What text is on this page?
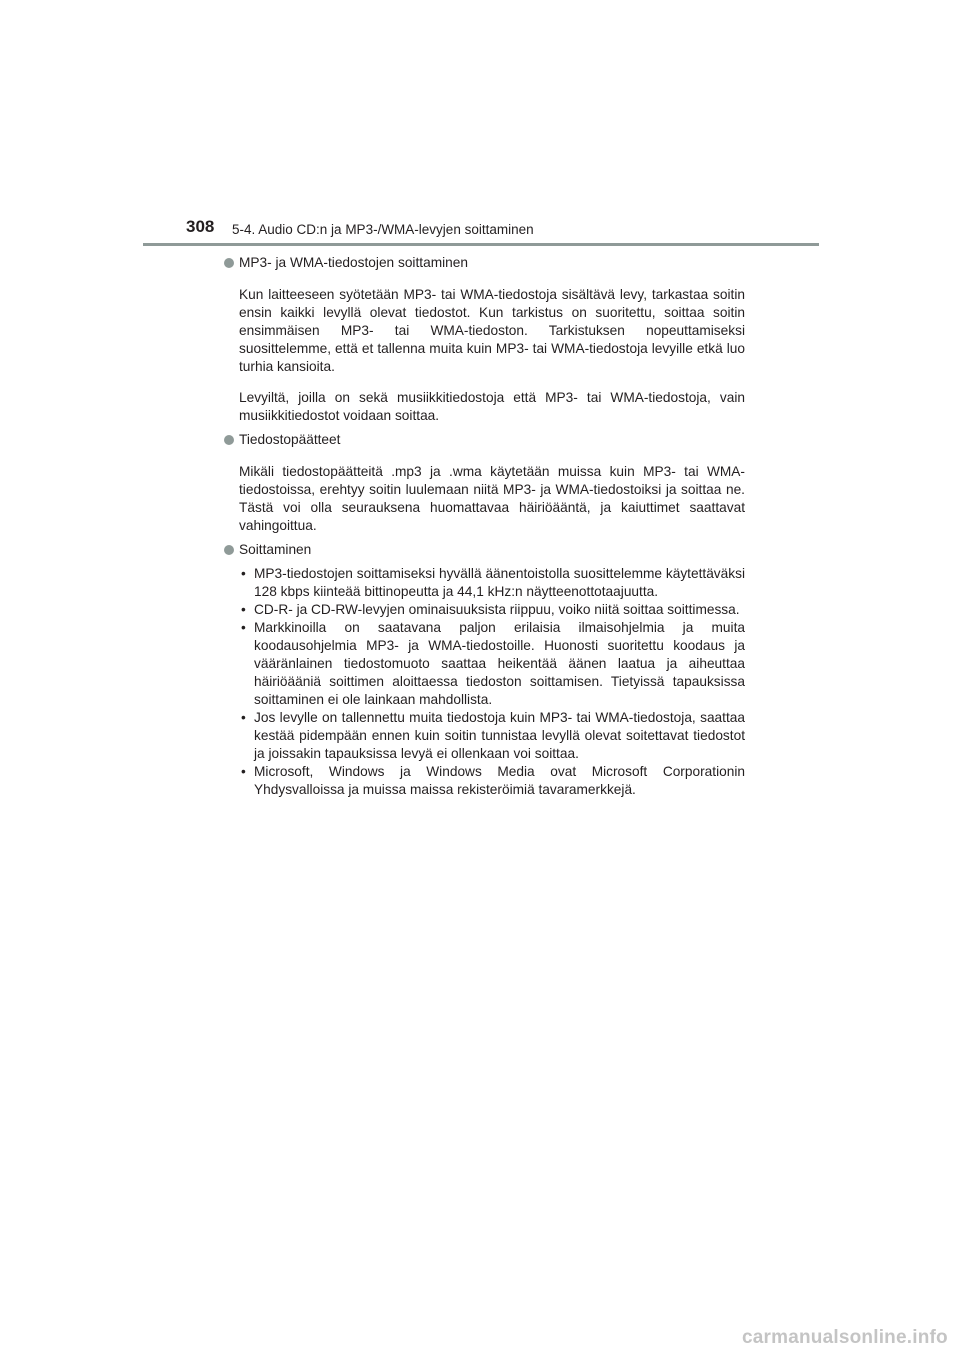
308 5-4. Audio CD:n ja MP3-/WMA-levyjen soittaminen
MP3- ja WMA-tiedostojen soittaminen

Kun laitteeseen syötetään MP3- tai WMA-tiedostoja sisältävä levy, tarkastaa soitin ensin kaikki levyllä olevat tiedostot. Kun tarkistus on suoritettu, soittaa soitin ensimmäisen MP3- tai WMA-tiedoston. Tarkistuksen nopeuttamiseksi suosittelemme, että et tallenna muita kuin MP3- tai WMA-tiedostoja levyille etkä luo turhia kansioita.

Levyiltä, joilla on sekä musiikkitiedostoja että MP3- tai WMA-tiedostoja, vain musiikkitiedostot voidaan soittaa.

Tiedostopäätteet

Mikäli tiedostopäätteitä .mp3 ja .wma käytetään muissa kuin MP3- tai WMA-tiedostoissa, erehtyy soitin luulemaan niitä MP3- ja WMA-tiedostoiksi ja soittaa ne. Tästä voi olla seurauksena huomattavaa häiriöääntä, ja kaiuttimet saattavat vahingoittua.

Soittaminen
• MP3-tiedostojen soittamiseksi hyvällä äänentoistolla suosittelemme käytettäväksi 128 kbps kiinteää bittinopeutta ja 44,1 kHz:n näytteenottotaajuutta.
• CD-R- ja CD-RW-levyjen ominaisuuksista riippuu, voiko niitä soittaa soittimessa.
• Markkinoilla on saatavana paljon erilaisia ilmaisohjelmia ja muita koodausohjelmia MP3- ja WMA-tiedostoille. Huonosti suoritettu koodaus ja vääränlainen tiedostomuoto saattaa heikentää äänen laatua ja aiheuttaa häiriöääniä soittimen aloittaessa tiedoston soittamisen. Tietyissä tapauksissa soittaminen ei ole lainkaan mahdollista.
• Jos levylle on tallennettu muita tiedostoja kuin MP3- tai WMA-tiedostoja, saattaa kestää pidempään ennen kuin soitin tunnistaa levyllä olevat soitettavat tiedostot ja joissakin tapauksissa levyä ei ollenkaan voi soittaa.
• Microsoft, Windows ja Windows Media ovat Microsoft Corporationin Yhdysvalloissa ja muissa maissa rekisteröimiä tavaramerkkejä.
carmanualsonline.info
